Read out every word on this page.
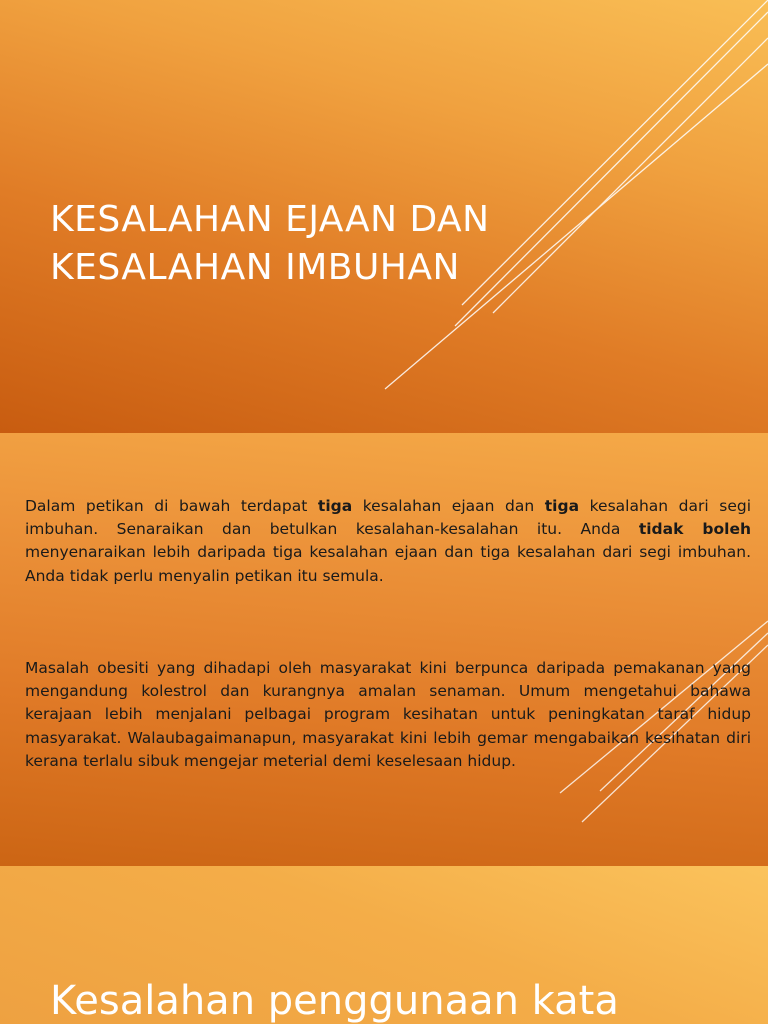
KESALAHAN EJAAN DAN KESALAHAN IMBUHAN

Dalam petikan di bawah terdapat tiga kesalahan ejaan dan tiga kesalahan dari segi imbuhan. Senaraikan dan betulkan kesalahan-kesalahan itu. Anda tidak boleh menyenaraikan lebih daripada tiga kesalahan ejaan dan tiga kesalahan dari segi imbuhan. Anda tidak perlu menyalin petikan itu semula.

Masalah obesiti yang dihadapi oleh masyarakat kini berpunca daripada pemakanan yang mengandung kolestrol dan kurangnya amalan senaman. Umum mengetahui bahawa kerajaan lebih menjalani pelbagai program kesihatan untuk peningkatan taraf hidup masyarakat. Walaubagaimanapun, masyarakat kini lebih gemar mengabaikan kesihatan diri kerana terlalu sibuk mengejar meterial demi keselesaan hidup.

Kesalahan penggunaan kata
